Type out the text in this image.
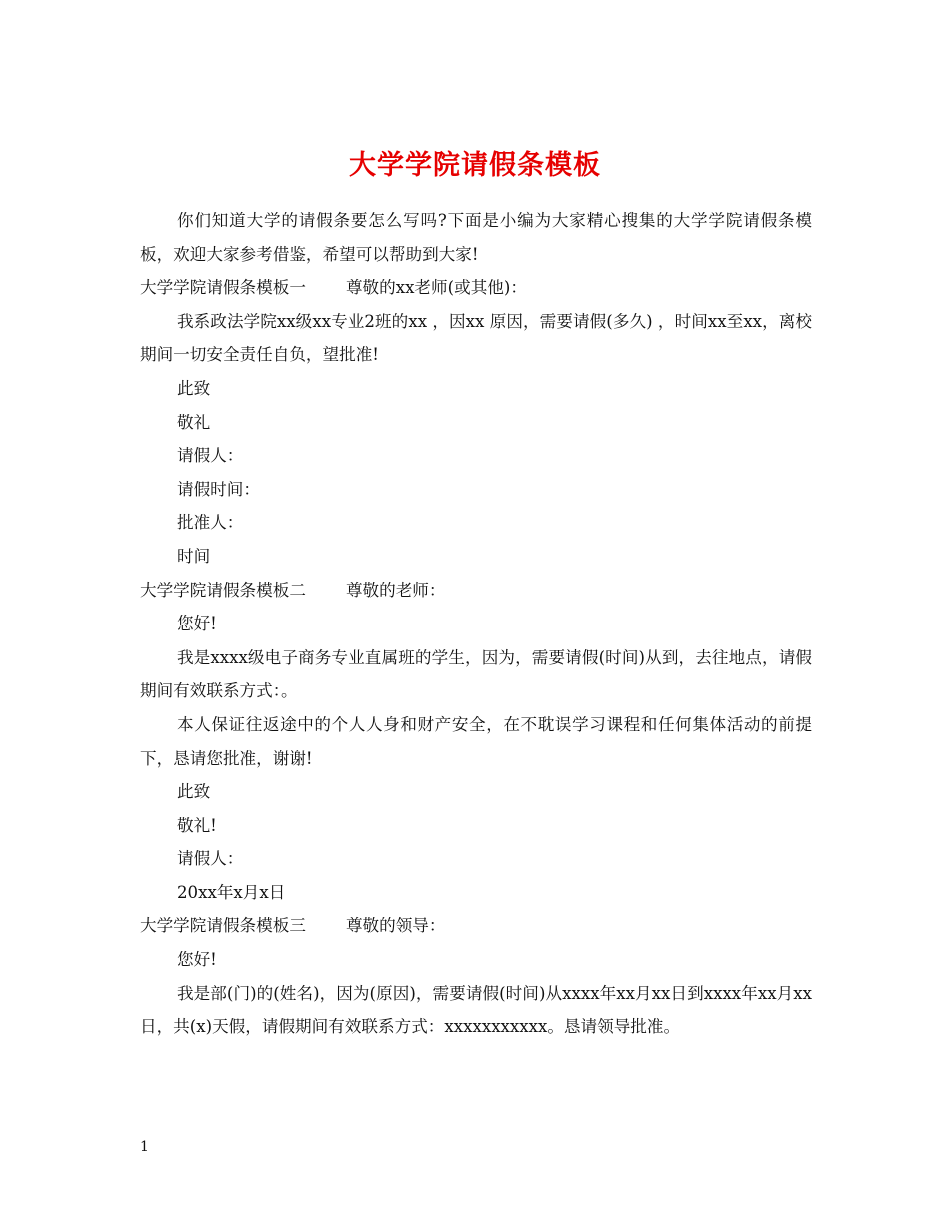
大学学院请假条模板

你们知道大学的请假条要怎么写吗?下面是小编为大家精心搜集的大学学院请假条模板，欢迎大家参考借鉴，希望可以帮助到大家!

大学学院请假条模板一 尊敬的xx老师(或其他)：

我系政法学院xx级xx专业2班的xx ，因xx 原因，需要请假(多久) ，时间xx至xx，离校期间一切安全责任自负，望批准!

此致

敬礼

请假人：

请假时间：

批准人：

时间

大学学院请假条模板二 尊敬的老师：

您好!

我是xxxx级电子商务专业直属班的学生，因为，需要请假(时间)从到，去往地点，请假期间有效联系方式：。

本人保证往返途中的个人人身和财产安全，在不耽误学习课程和任何集体活动的前提下，恳请您批准，谢谢!

此致

敬礼!

请假人：

20xx年x月x日

大学学院请假条模板三 尊敬的领导：

您好!

我是部(门)的(姓名)，因为(原因)，需要请假(时间)从xxxx年xx月xx日到xxxx年xx月xx日，共(x)天假，请假期间有效联系方式：xxxxxxxxxxx。恳请领导批准。

1
